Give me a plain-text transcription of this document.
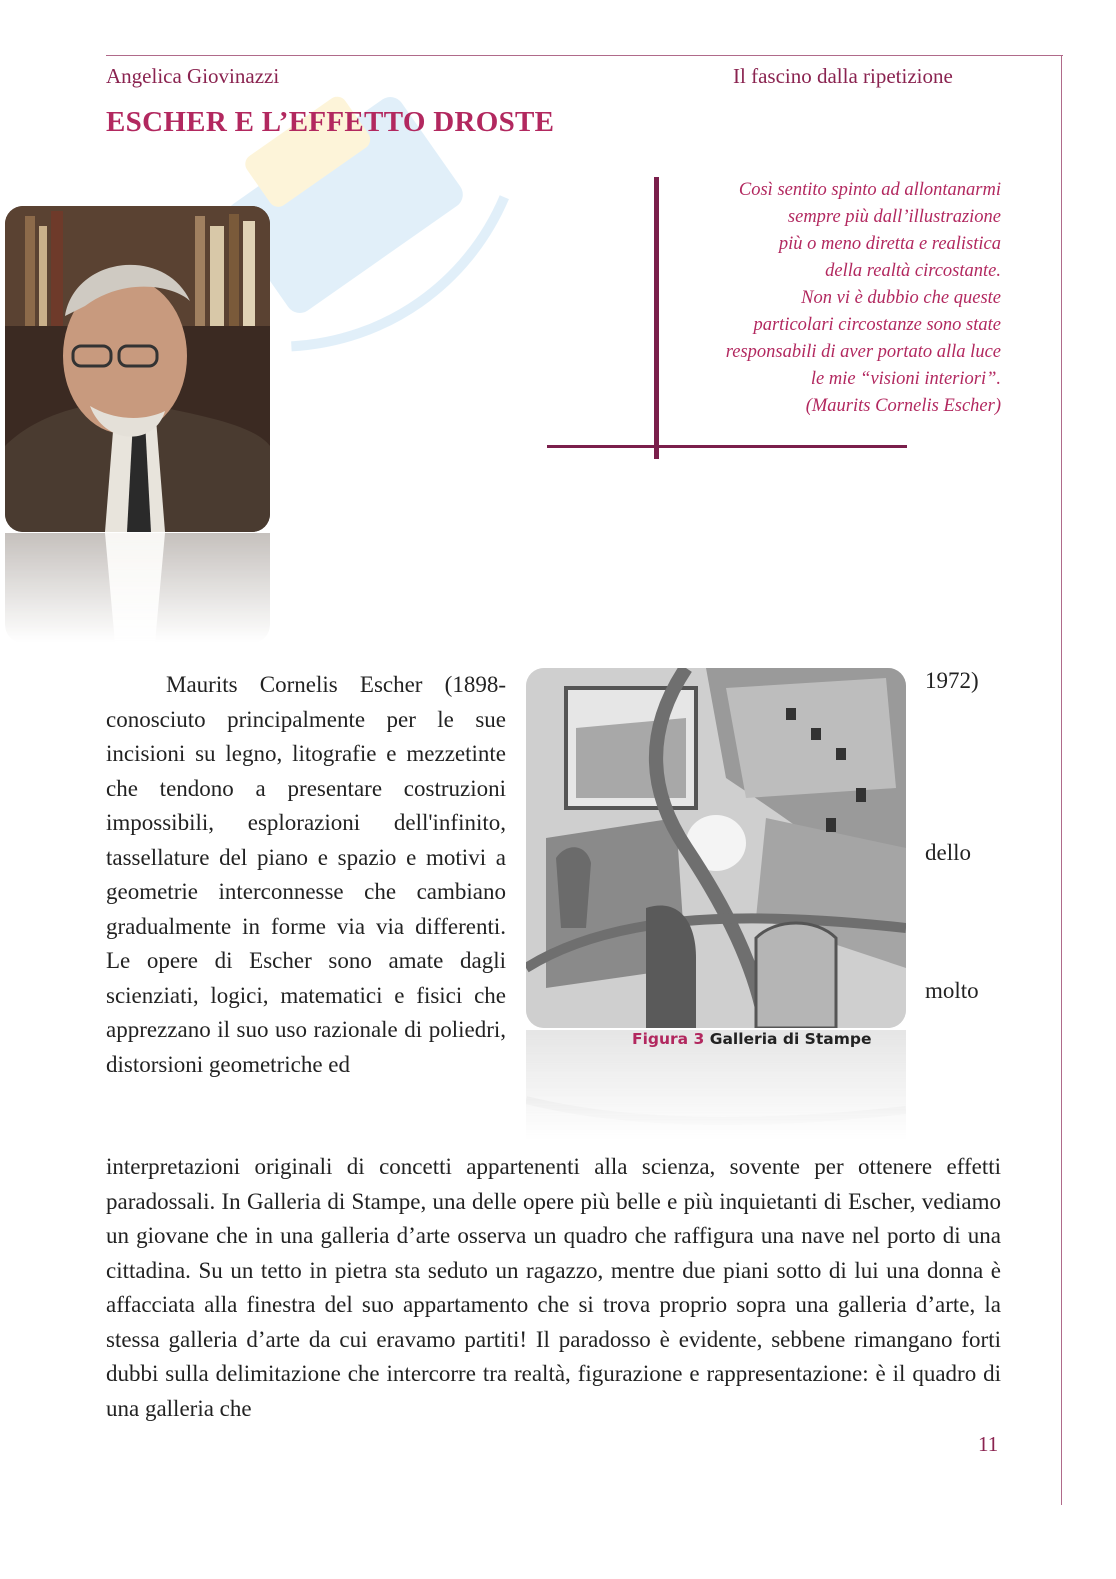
Angelica Giovinazzi	Il fascino dalla ripetizione
ESCHER E L’EFFETTO DROSTE
Così sentito spinto ad allontanarmi
sempre più dall’illustrazione
più o meno diretta e realistica
della realtà circostante.
Non vi è dubbio che queste
particolari circostanze sono state
responsabili di aver portato alla luce
le mie “visioni interiori”.
(Maurits Cornelis Escher)

Maurits Cornelis Escher (1898- conosciuto principalmente per le sue incisioni su legno, litografie e mezzetinte che tendono a presentare costruzioni impossibili, esplorazioni dell'infinito, tassellature del piano e spazio e motivi a geometrie interconnesse che cambiano gradualmente in forme via via differenti. Le opere di Escher sono amate dagli scienziati, logici, matematici e fisici che apprezzano il suo uso razionale di poliedri, distorsioni geometriche ed

1972)
dello
molto
Figura 3 Galleria di Stampe

interpretazioni originali di concetti appartenenti alla scienza, sovente per ottenere effetti paradossali. In Galleria di Stampe, una delle opere più belle e più inquietanti di Escher, vediamo un giovane che in una galleria d’arte osserva un quadro che raffigura una nave nel porto di una cittadina. Su un tetto in pietra sta seduto un ragazzo, mentre due piani sotto di lui una donna è affacciata alla finestra del suo appartamento che si trova proprio sopra una galleria d’arte, la stessa galleria d’arte da cui eravamo partiti! Il paradosso è evidente, sebbene rimangano forti dubbi sulla delimitazione che intercorre tra realtà, figurazione e rappresentazione: è il quadro di una galleria che

11
